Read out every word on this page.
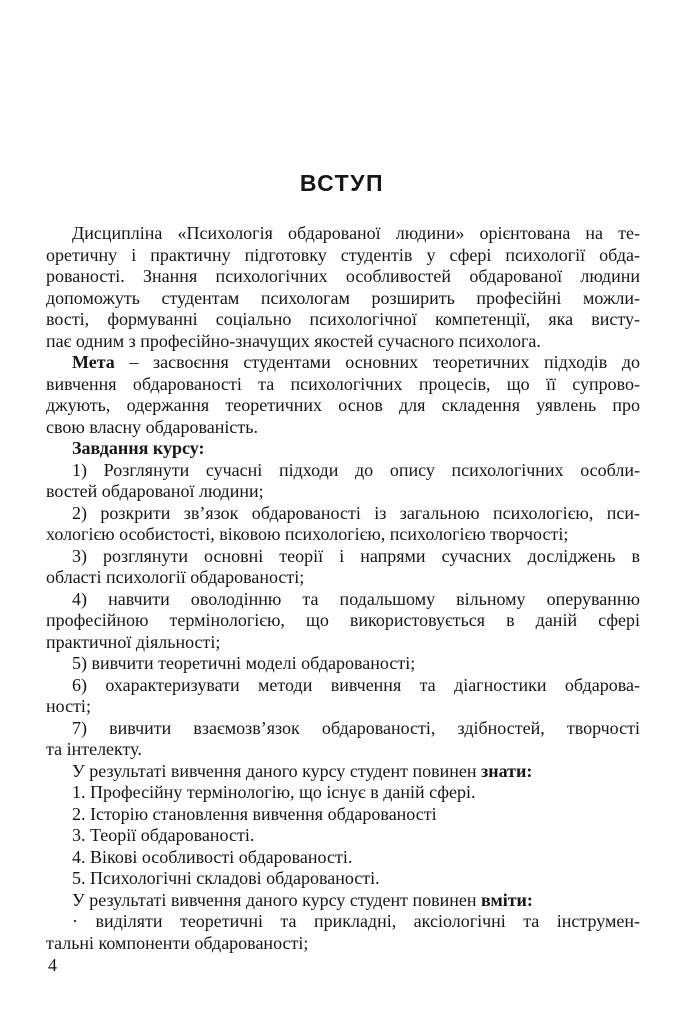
ВСТУП
Дисципліна «Психологія обдарованої людини» орієнтована на те-
оретичну і практичну підготовку студентів у сфері психології обда-
рованості. Знання психологічних особливостей обдарованої людини
допоможуть студентам психологам розширить професійні можли-
вості, формуванні соціально психологічної компетенції, яка висту-
пає одним з професійно-значущих якостей сучасного психолога.
Мета – засвоєння студентами основних теоретичних підходів до
вивчення обдарованості та психологічних процесів, що її супрово-
джують, одержання теоретичних основ для складення уявлень про
свою власну обдарованість.
Завдання курсу:
1) Розглянути сучасні підходи до опису психологічних особли-
востей обдарованої людини;
2) розкрити зв’язок обдарованості із загальною психологією, пси-
хологією особистості, віковою психологією, психологією творчості;
3) розглянути основні теорії і напрями сучасних досліджень в
області психології обдарованості;
4) навчити оволодінню та подальшому вільному оперуванню
професійною термінологією, що використовується в даній сфері
практичної діяльності;
5) вивчити теоретичні моделі обдарованості;
6) охарактеризувати методи вивчення та діагностики обдарова-
ності;
7) вивчити взаємозв’язок обдарованості, здібностей, творчості
та інтелекту.
У результаті вивчення даного курсу студент повинен знати:
1. Професійну термінологію, що існує в даній сфері.
2. Історію становлення вивчення обдарованості
3. Теорії обдарованості.
4. Вікові особливості обдарованості.
5. Психологічні складові обдарованості.
У результаті вивчення даного курсу студент повинен вміти:
· виділяти теоретичні та прикладні, аксіологічні та інструмен-
тальні компоненти обдарованості;
4
